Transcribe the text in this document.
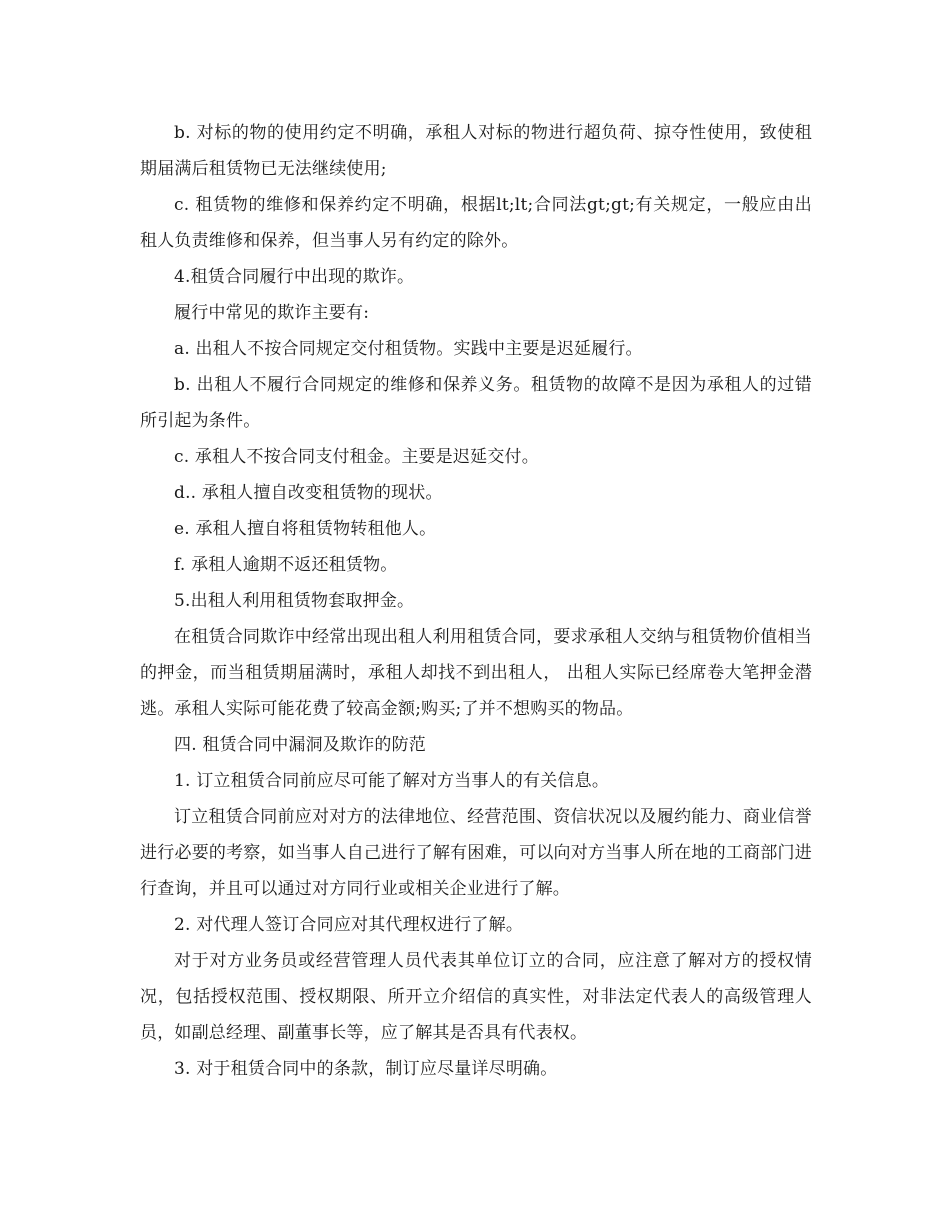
b. 对标的物的使用约定不明确，承租人对标的物进行超负荷、掠夺性使用，致使租期届满后租赁物已无法继续使用;

c. 租赁物的维修和保养约定不明确，根据lt;lt;合同法gt;gt;有关规定，一般应由出租人负责维修和保养，但当事人另有约定的除外。

4.租赁合同履行中出现的欺诈。

履行中常见的欺诈主要有:

a. 出租人不按合同规定交付租赁物。实践中主要是迟延履行。

b. 出租人不履行合同规定的维修和保养义务。租赁物的故障不是因为承租人的过错所引起为条件。

c. 承租人不按合同支付租金。主要是迟延交付。

d.. 承租人擅自改变租赁物的现状。

e. 承租人擅自将租赁物转租他人。

f. 承租人逾期不返还租赁物。

5.出租人利用租赁物套取押金。

在租赁合同欺诈中经常出现出租人利用租赁合同，要求承租人交纳与租赁物价值相当的押金，而当租赁期届满时，承租人却找不到出租人， 出租人实际已经席卷大笔押金潜逃。承租人实际可能花费了较高金额;购买;了并不想购买的物品。

四. 租赁合同中漏洞及欺诈的防范

1. 订立租赁合同前应尽可能了解对方当事人的有关信息。

订立租赁合同前应对对方的法律地位、经营范围、资信状况以及履约能力、商业信誉进行必要的考察，如当事人自己进行了解有困难，可以向对方当事人所在地的工商部门进行查询，并且可以通过对方同行业或相关企业进行了解。

2. 对代理人签订合同应对其代理权进行了解。

对于对方业务员或经营管理人员代表其单位订立的合同，应注意了解对方的授权情况，包括授权范围、授权期限、所开立介绍信的真实性，对非法定代表人的高级管理人员，如副总经理、副董事长等，应了解其是否具有代表权。

3. 对于租赁合同中的条款，制订应尽量详尽明确。
